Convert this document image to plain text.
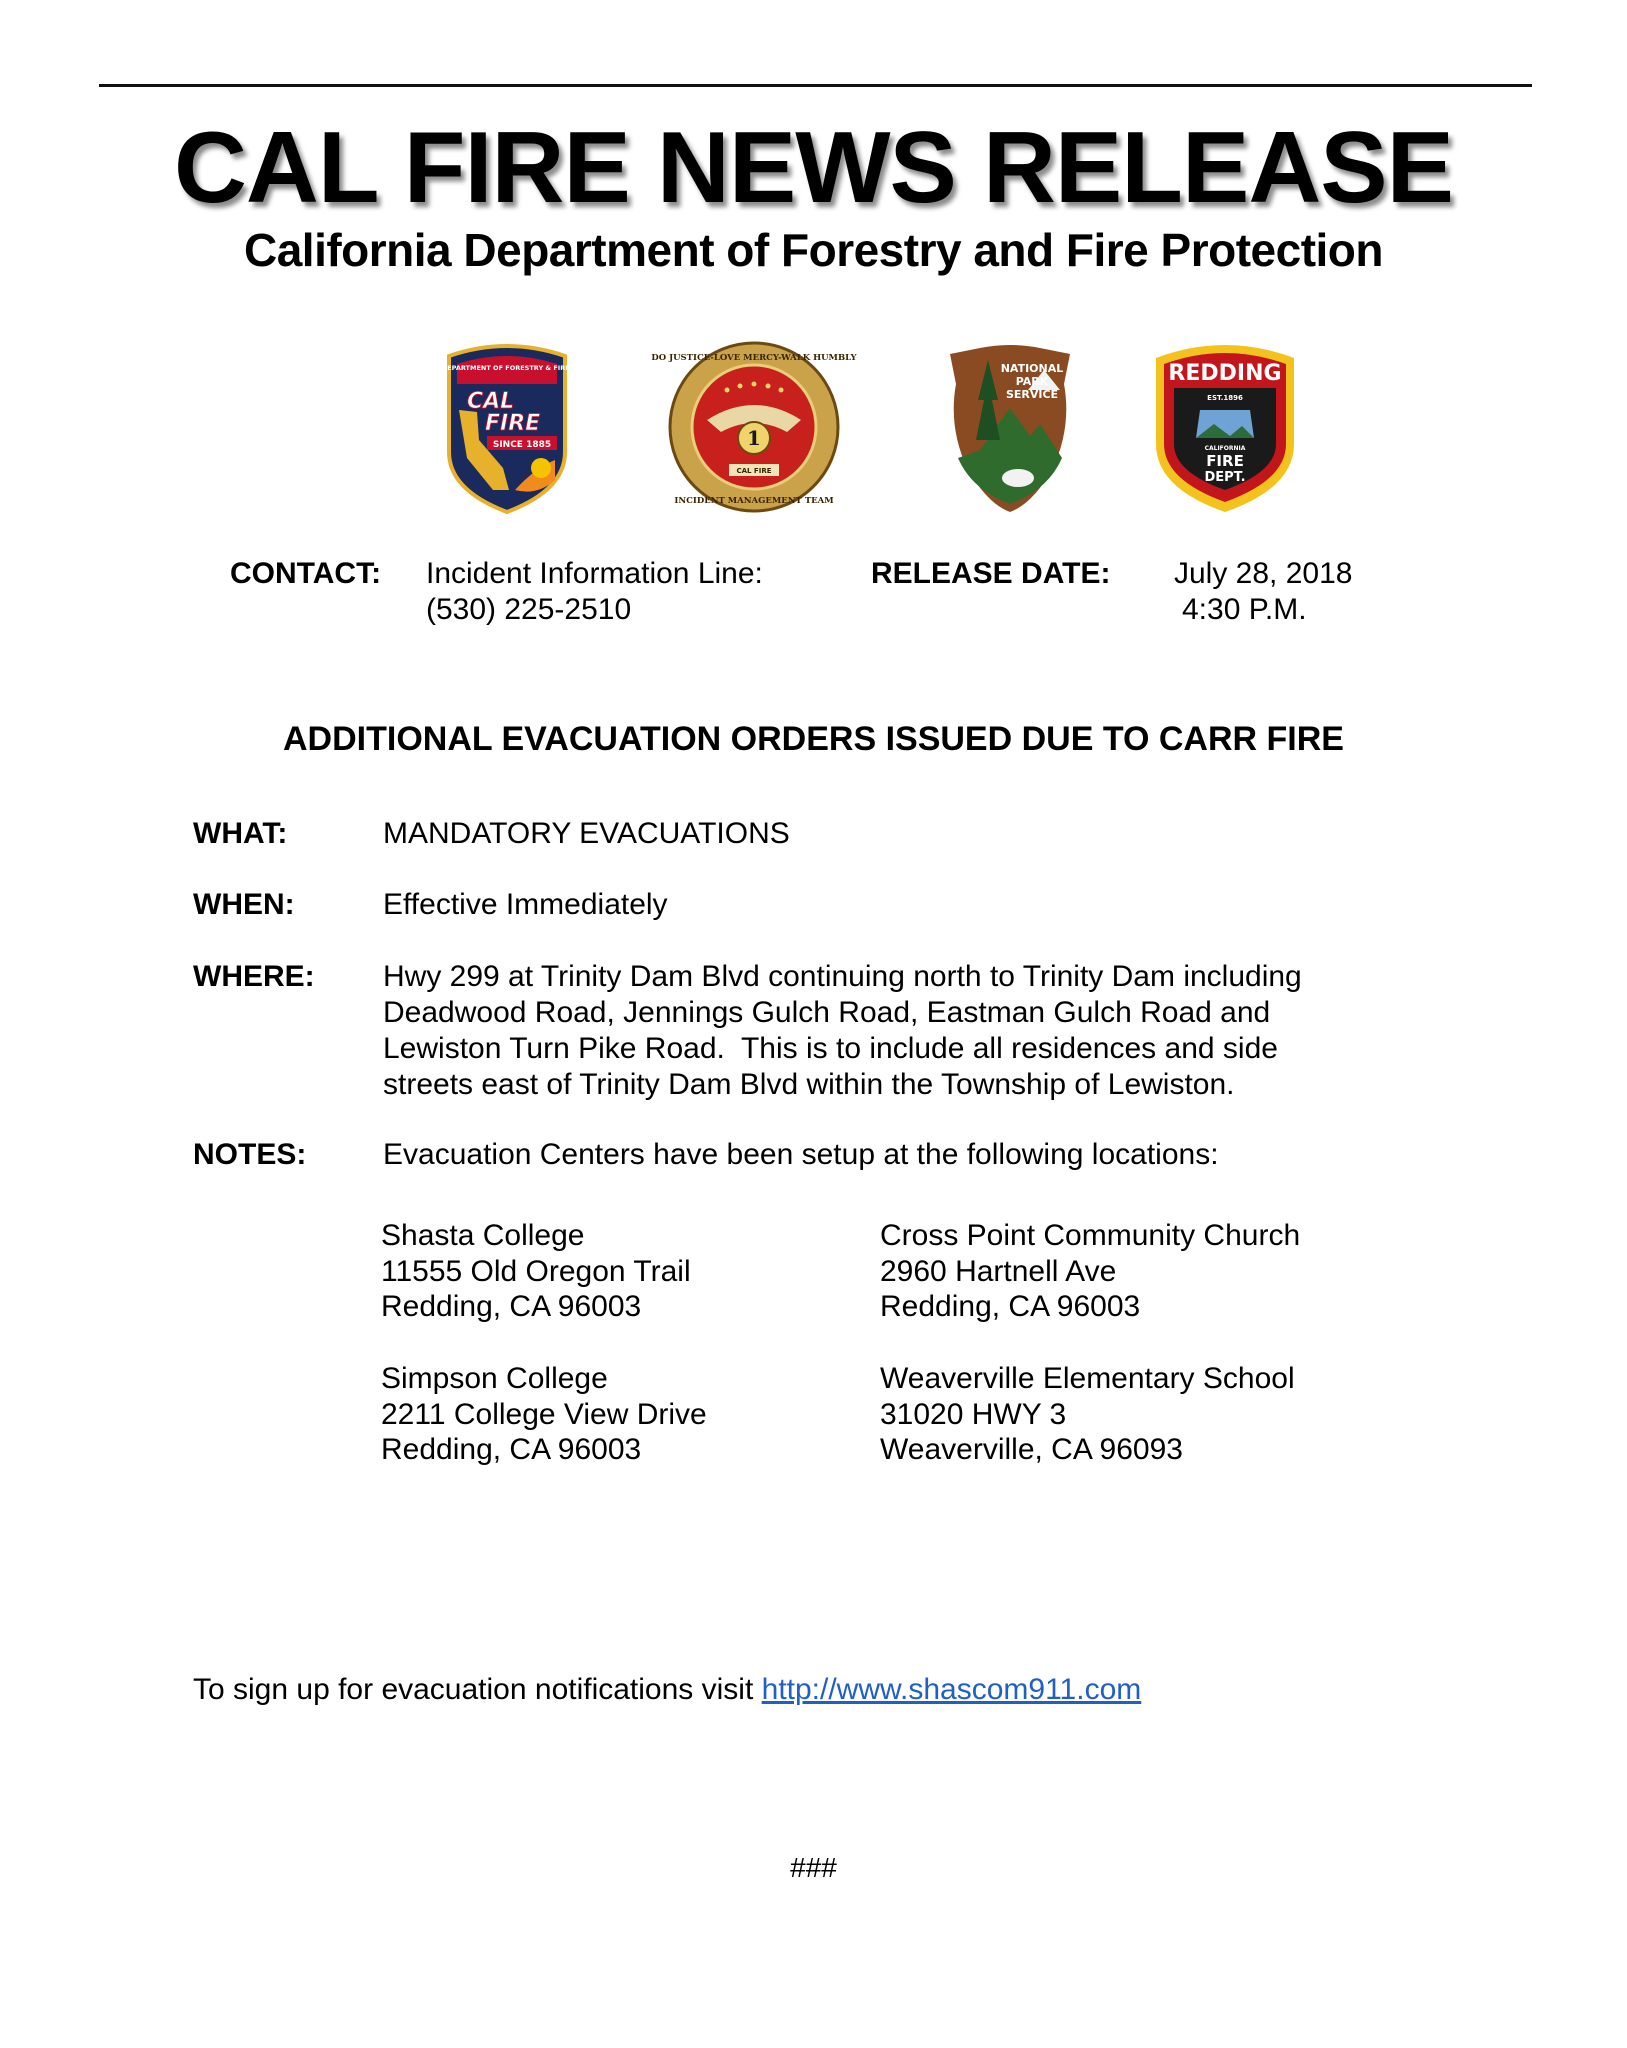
CAL FIRE NEWS RELEASE
California Department of Forestry and Fire Protection
CALIFORNIA DEPARTMENT OF FORESTRY & FIRE PROTECTION
CAL
FIRE
SINCE 1885
DO JUSTICE-LOVE MERCY-WALK HUMBLY
INCIDENT MANAGEMENT TEAM
1
CAL FIRE
NATIONAL
PARK
SERVICE
REDDING
EST.1896
CALIFORNIA
FIRE
DEPT.
CONTACT: Incident Information Line:
(530) 225-2510
RELEASE DATE: July 28, 2018
4:30 P.M.
ADDITIONAL EVACUATION ORDERS ISSUED DUE TO CARR FIRE
WHAT:	MANDATORY EVACUATIONS
WHEN:	Effective Immediately
WHERE: Hwy 299 at Trinity Dam Blvd continuing north to Trinity Dam including
Deadwood Road, Jennings Gulch Road, Eastman Gulch Road and
Lewiston Turn Pike Road.  This is to include all residences and side
streets east of Trinity Dam Blvd within the Township of Lewiston.
NOTES:	Evacuation Centers have been setup at the following locations:
Shasta College
11555 Old Oregon Trail
Redding, CA 96003
Cross Point Community Church
2960 Hartnell Ave
Redding, CA 96003
Simpson College
2211 College View Drive
Redding, CA 96003
Weaverville Elementary School
31020 HWY 3
Weaverville, CA 96093
To sign up for evacuation notifications visit http://www.shascom911.com
###
